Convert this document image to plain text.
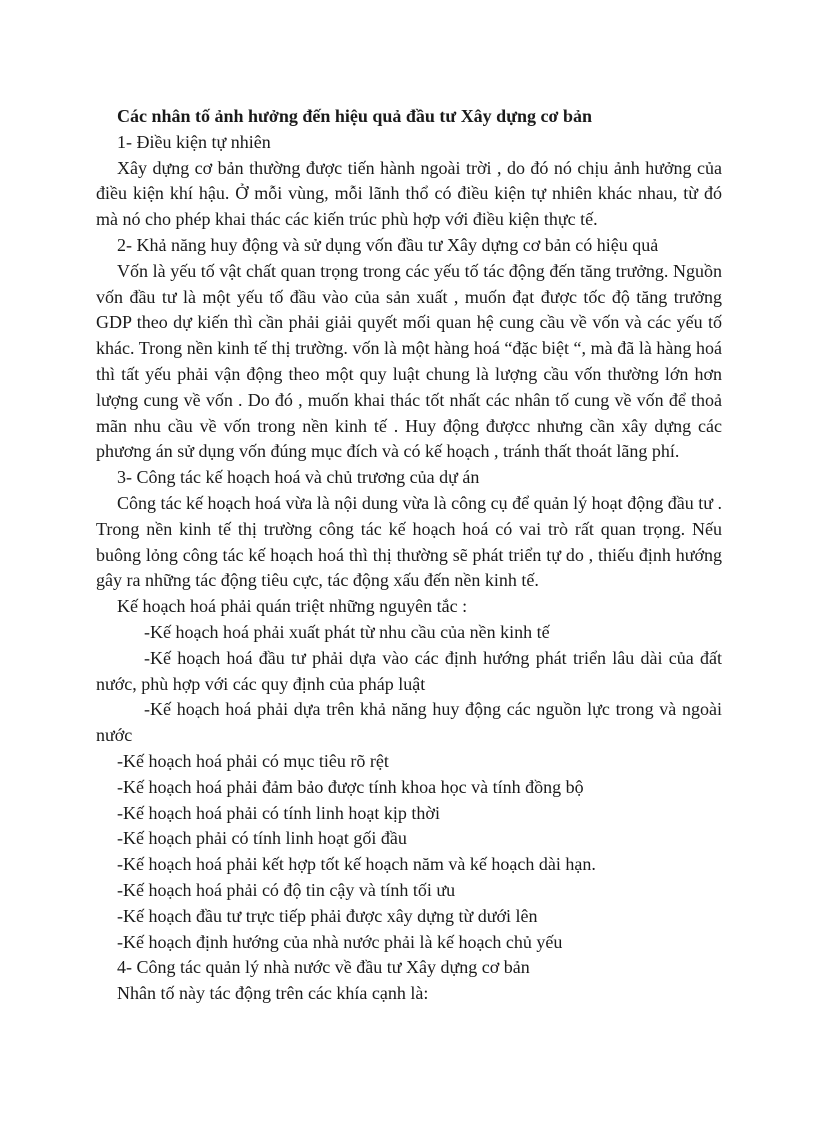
Các nhân tố ảnh hưởng đến hiệu quả đầu tư Xây dựng cơ bản

1- Điều kiện tự nhiên

Xây dựng cơ bản thường được tiến hành ngoài trời , do đó nó chịu ảnh hưởng của điều kiện khí hậu. Ở mỗi vùng, mỗi lãnh thổ có điều kiện tự nhiên khác nhau, từ đó mà nó cho phép khai thác các kiến trúc phù hợp với điều kiện thực tế.

2- Khả năng huy động và sử dụng vốn đầu tư Xây dựng cơ bản có hiệu quả

Vốn là yếu tố vật chất quan trọng trong các yếu tố tác động đến tăng trưởng. Nguồn vốn đầu tư là một yếu tố đầu vào của sản xuất , muốn đạt được tốc độ tăng trưởng GDP theo dự kiến thì cần phải giải quyết mối quan hệ cung cầu về vốn và các yếu tố khác. Trong nền kinh tế thị trường. vốn là một hàng hoá “đặc biệt “, mà đã là hàng hoá thì tất yếu phải vận động theo một quy luật chung là lượng cầu vốn thường lớn hơn lượng cung về vốn . Do đó , muốn khai thác tốt nhất các nhân tố cung về vốn để thoả mãn nhu cầu về vốn trong nền kinh tế . Huy động đượcc nhưng cần xây dựng các phương án sử dụng vốn đúng mục đích và có kế hoạch , tránh thất thoát lãng phí.

3- Công tác kế hoạch hoá và chủ trương của dự án

Công tác kế hoạch hoá vừa là nội dung vừa là công cụ để quản lý hoạt động đầu tư . Trong nền kinh tế thị trường công tác kế hoạch hoá có vai trò rất quan trọng. Nếu buông lỏng công tác kế hoạch hoá thì thị thường sẽ phát triển tự do , thiếu định hướng gây ra những tác động tiêu cực, tác động xấu đến nền kinh tế.

Kế hoạch hoá phải quán triệt những nguyên tắc :

-Kế hoạch hoá phải xuất phát từ nhu cầu của nền kinh tế

-Kế hoạch hoá đầu tư phải dựa vào các định hướng phát triển lâu dài của đất nước, phù hợp với các quy định của pháp luật

-Kế hoạch hoá phải dựa trên khả năng huy động các nguồn lực trong và ngoài nước

-Kế hoạch hoá phải có mục tiêu rõ rệt

-Kế hoạch hoá phải đảm bảo được tính khoa học và tính đồng bộ

-Kế hoạch hoá phải có tính linh hoạt kịp thời

-Kế hoạch phải có tính linh hoạt gối đầu

-Kế hoạch hoá phải kết hợp tốt kế hoạch năm và kế hoạch dài hạn.

-Kế hoạch hoá phải có độ tin cậy và tính tối ưu

-Kế hoạch đầu tư trực tiếp phải được xây dựng từ dưới lên

-Kế hoạch định hướng của nhà nước phải là kế hoạch chủ yếu

4- Công tác quản lý nhà nước về đầu tư Xây dựng cơ bản

Nhân tố này tác động trên các khía cạnh là:
